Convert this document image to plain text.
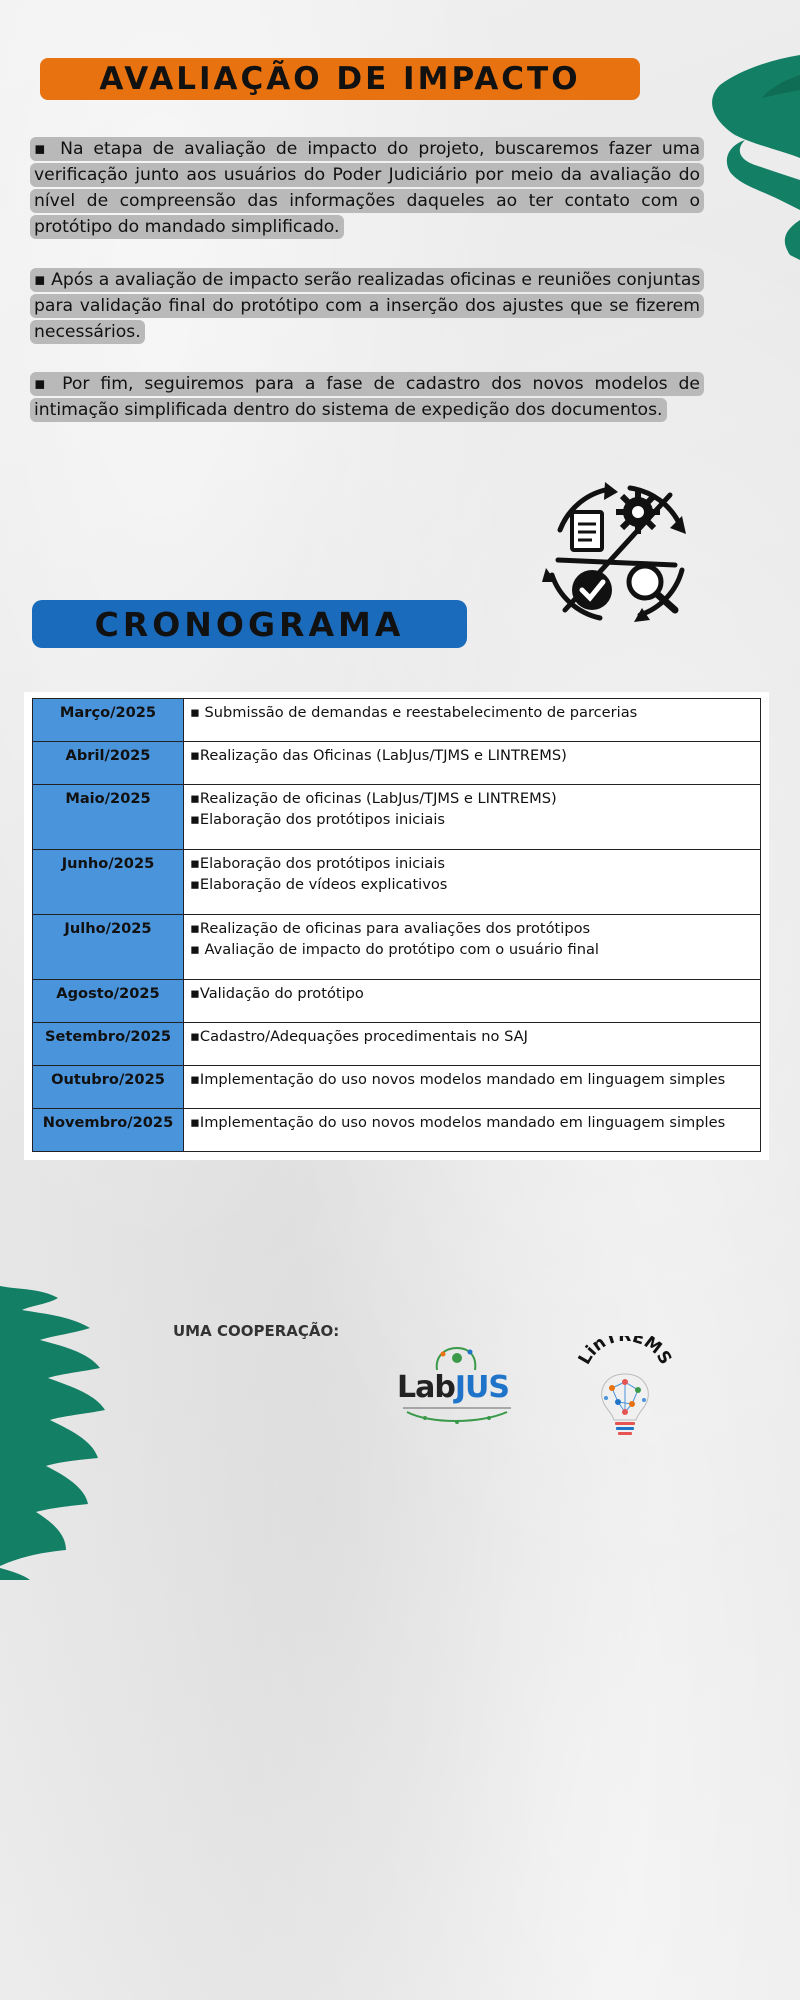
AVALIAÇÃO DE IMPACTO

▪ Na etapa de avaliação de impacto do projeto, buscaremos fazer uma verificação junto aos usuários do Poder Judiciário por meio da avaliação do nível de compreensão das informações daqueles ao ter contato com o protótipo do mandado simplificado.

▪ Após a avaliação de impacto serão realizadas oficinas e reuniões conjuntas para validação final do protótipo com a inserção dos ajustes que se fizerem necessários.

▪ Por fim, seguiremos para a fase de cadastro dos novos modelos de intimação simplificada dentro do sistema de expedição dos documentos.

CRONOGRAMA
Março/2025	▪ Submissão de demandas e reestabelecimento de parcerias

Abril/2025	▪Realização das Oficinas (LabJus/TJMS e LINTREMS)

Maio/2025	▪Realização de oficinas (LabJus/TJMS e LINTREMS)
▪Elaboração dos protótipos iniciais

Junho/2025	▪Elaboração dos protótipos iniciais
▪Elaboração de vídeos explicativos

Julho/2025	▪Realização de oficinas para avaliações dos protótipos
▪ Avaliação de impacto do protótipo com o usuário final

Agosto/2025	▪Validação do protótipo

Setembro/2025	▪Cadastro/Adequações procedimentais no SAJ

Outubro/2025	▪Implementação do uso novos modelos mandado em linguagem simples

Novembro/2025	▪Implementação do uso novos modelos mandado em linguagem simples
UMA COOPERAÇÃO:
LabJUS
LinTREMS
